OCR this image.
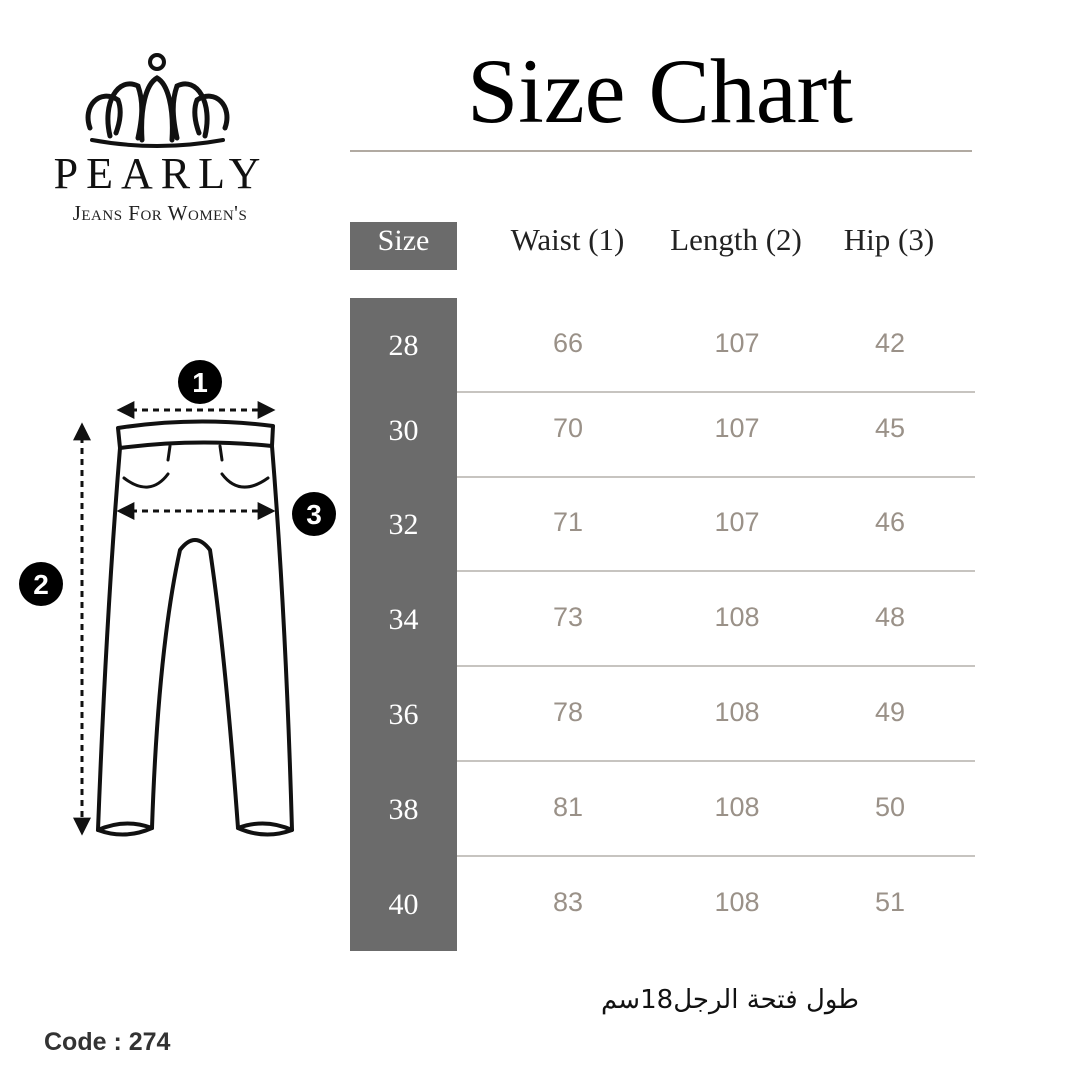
PEARLY
Jeans For Women's
Size Chart
Size	Waist (1)	Length (2)	Hip (3)
28	66	107	42
30	70	107	45
32	71	107	46
34	73	108	48
36	78	108	49
38	81	108	50
40	83	108	51
1
2
3
طول فتحة الرجل18سم
Code : 274
